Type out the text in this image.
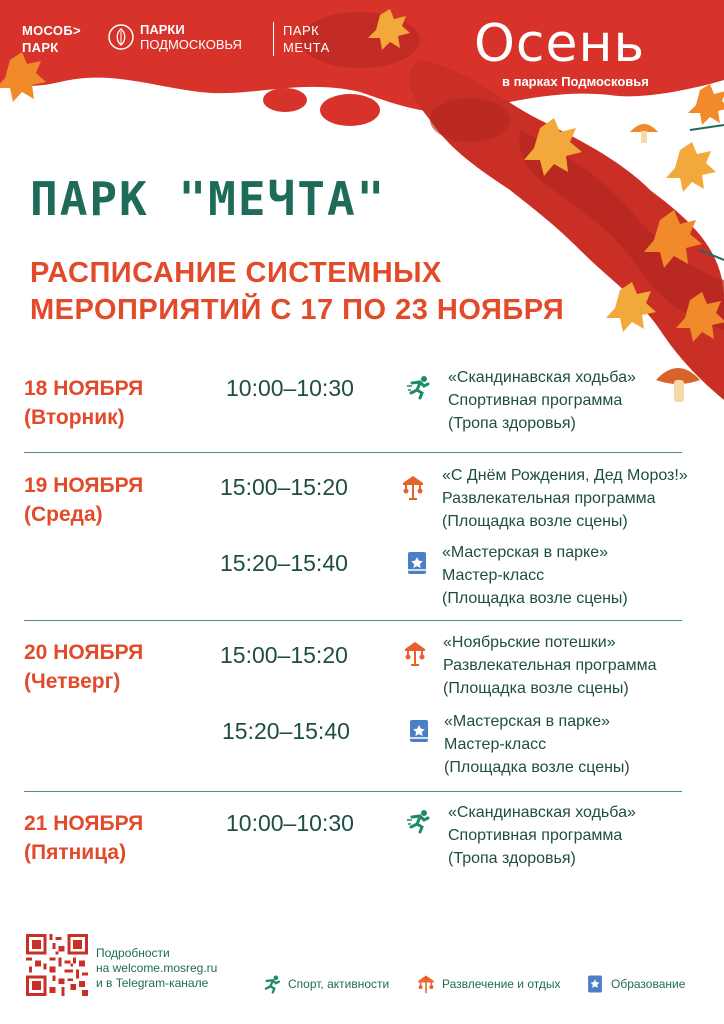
МОСОБ>
ПАРК
ПАРКИ
ПОДМОСКОВЬЯ
ПАРК
МЕЧТА	Осень
в парках Подмосковья
ПАРК "МЕЧТА"
РАСПИСАНИЕ СИСТЕМНЫХ
МЕРОПРИЯТИЙ С 17 ПО 23 НОЯБРЯ
18 НОЯБРЯ
(Вторник)
10:00–10:30	«Скандинавская ходьба»
Спортивная программа
(Тропа здоровья)
19 НОЯБРЯ
(Среда)
15:00–15:20	«С Днём Рождения, Дед Мороз!»
Развлекательная программа
(Площадка возле сцены)
15:20–15:40	«Мастерская в парке»
Мастер-класс
(Площадка возле сцены)
20 НОЯБРЯ
(Четверг)
15:00–15:20	«Ноябрьские потешки»
Развлекательная программа
(Площадка возле сцены)
15:20–15:40	«Мастерская в парке»
Мастер-класс
(Площадка возле сцены)
21 НОЯБРЯ
(Пятница)
10:00–10:30	«Скандинавская ходьба»
Спортивная программа
(Тропа здоровья)
Подробности
на welcome.mosreg.ru
и в Telegram-канале	Спорт, активности	Развлечение и отдых	Образование
